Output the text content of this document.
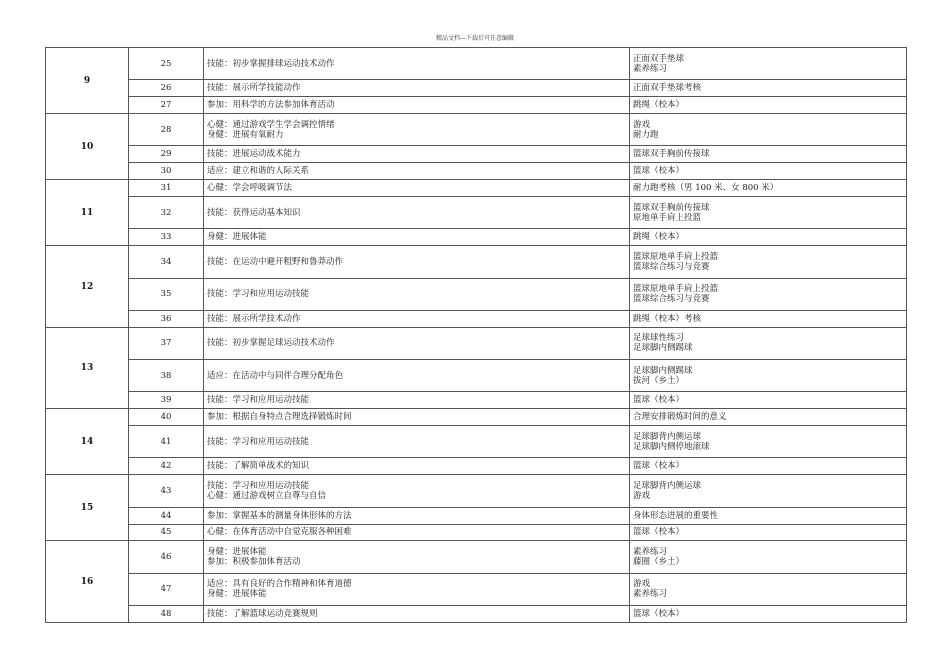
精品文档---下载后可任意编辑
9	25	技能：初步掌握排球运动技术动作	正面双手垫球
素养练习

	26	技能：展示所学技能动作	正面双手垫球考核

	27	参加：用科学的方法参加体育活动	跳绳（校本）

10	28	心健：通过游戏学生学会调控情绪
身健：进展有氧耐力	游戏
耐力跑

	29	技能：进展运动战术能力	篮球双手胸前传接球

	30	适应：建立和谐的人际关系	篮球（校本）

11	31	心健：学会呼吸调节法	耐力跑考核（男 100 米、女 800 米）

	32	技能：获得运动基本知识	篮球双手胸前传接球
原地单手肩上投篮

	33	身健：进展体能	跳绳（校本）

12	34	技能：在运动中避开粗野和鲁莽动作	篮球原地单手肩上投篮
篮球综合练习与竞赛

	35	技能：学习和应用运动技能	篮球原地单手肩上投篮
篮球综合练习与竞赛

	36	技能：展示所学技术动作	跳绳（校本）考核

13	37	技能：初步掌握足球运动技术动作	足球球性练习
足球脚内侧踢球

	38	适应：在活动中与同伴合理分配角色	足球脚内侧踢球
拔河（乡土）

	39	技能：学习和应用运动技能	篮球（校本）

14	40	参加：根据自身特点合理选择锻炼时间	合理安排锻炼时间的意义

	41	技能：学习和应用运动技能	足球脚背内侧运球
足球脚内侧停地滚球

	42	技能：了解简单战术的知识	篮球（校本）

15	43	技能：学习和应用运动技能
心健：通过游戏树立自尊与自信	足球脚背内侧运球
游戏

	44	参加：掌握基本的测量身体形体的方法	身体形态进展的重要性

	45	心健：在体育活动中自觉克服各种困难	篮球（校本）

16	46	身健：进展体能
参加：积极参加体育活动	素养练习
藤圈（乡土）

	47	适应：具有良好的合作精神和体育道德
身健：进展体能	游戏
素养练习

	48	技能：了解篮球运动竞赛规则	篮球（校本）
